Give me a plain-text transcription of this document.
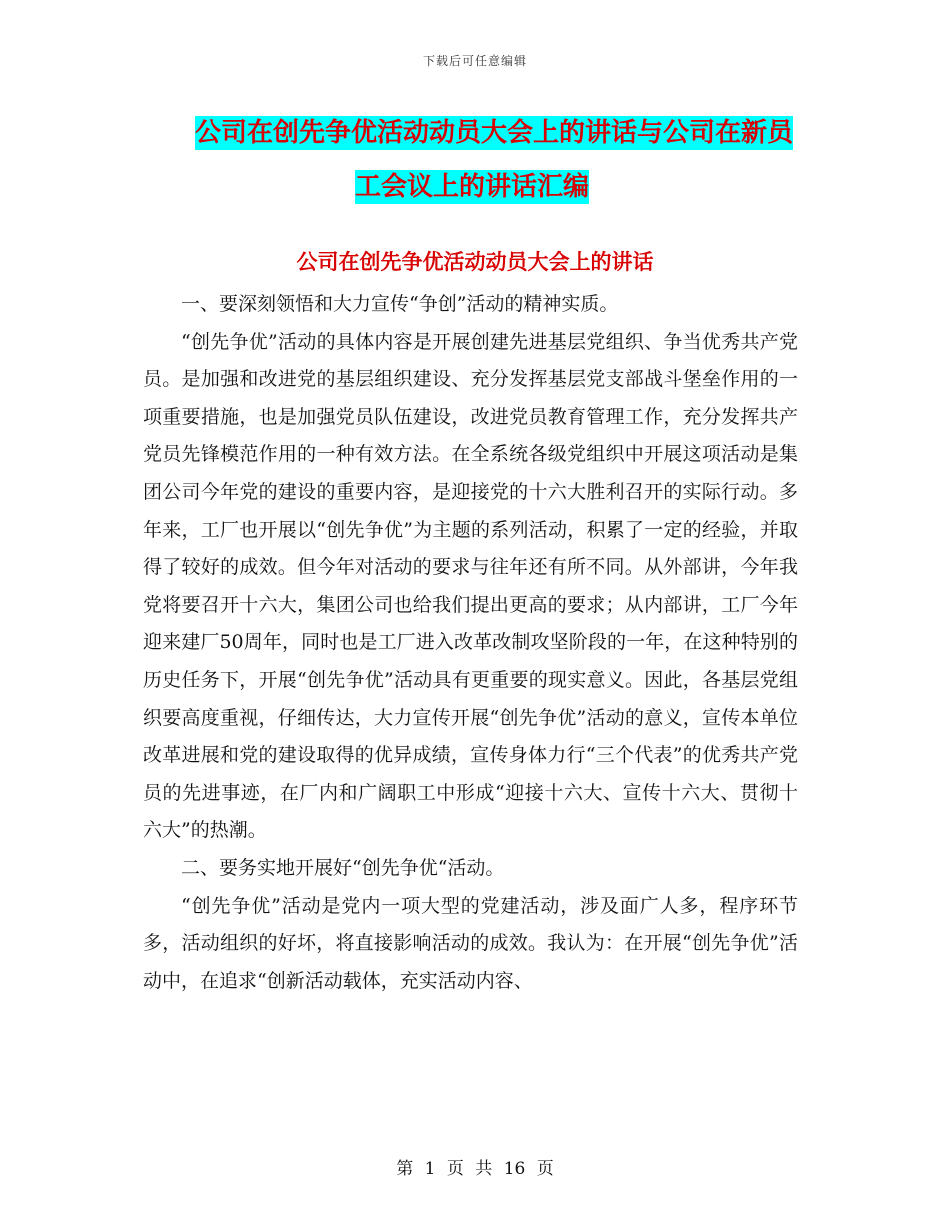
下载后可任意编辑
公司在创先争优活动动员大会上的讲话与公司在新员
工会议上的讲话汇编
公司在创先争优活动动员大会上的讲话

一、要深刻领悟和大力宣传“争创”活动的精神实质。

“创先争优”活动的具体内容是开展创建先进基层党组织、争当优秀共产党员。是加强和改进党的基层组织建设、充分发挥基层党支部战斗堡垒作用的一项重要措施，也是加强党员队伍建设，改进党员教育管理工作，充分发挥共产党员先锋模范作用的一种有效方法。在全系统各级党组织中开展这项活动是集团公司今年党的建设的重要内容，是迎接党的十六大胜利召开的实际行动。多年来，工厂也开展以“创先争优”为主题的系列活动，积累了一定的经验，并取得了较好的成效。但今年对活动的要求与往年还有所不同。从外部讲，今年我党将要召开十六大，集团公司也给我们提出更高的要求；从内部讲，工厂今年迎来建厂50周年，同时也是工厂进入改革改制攻坚阶段的一年，在这种特别的历史任务下，开展“创先争优”活动具有更重要的现实意义。因此，各基层党组织要高度重视，仔细传达，大力宣传开展“创先争优”活动的意义，宣传本单位改革进展和党的建设取得的优异成绩，宣传身体力行“三个代表”的优秀共产党员的先进事迹，在厂内和广阔职工中形成“迎接十六大、宣传十六大、贯彻十六大”的热潮。

二、要务实地开展好“创先争优“活动。

“创先争优”活动是党内一项大型的党建活动，涉及面广人多，程序环节多，活动组织的好坏，将直接影响活动的成效。我认为：在开展“创先争优”活动中，在追求“创新活动载体，充实活动内容、

第 1 页 共 16 页
